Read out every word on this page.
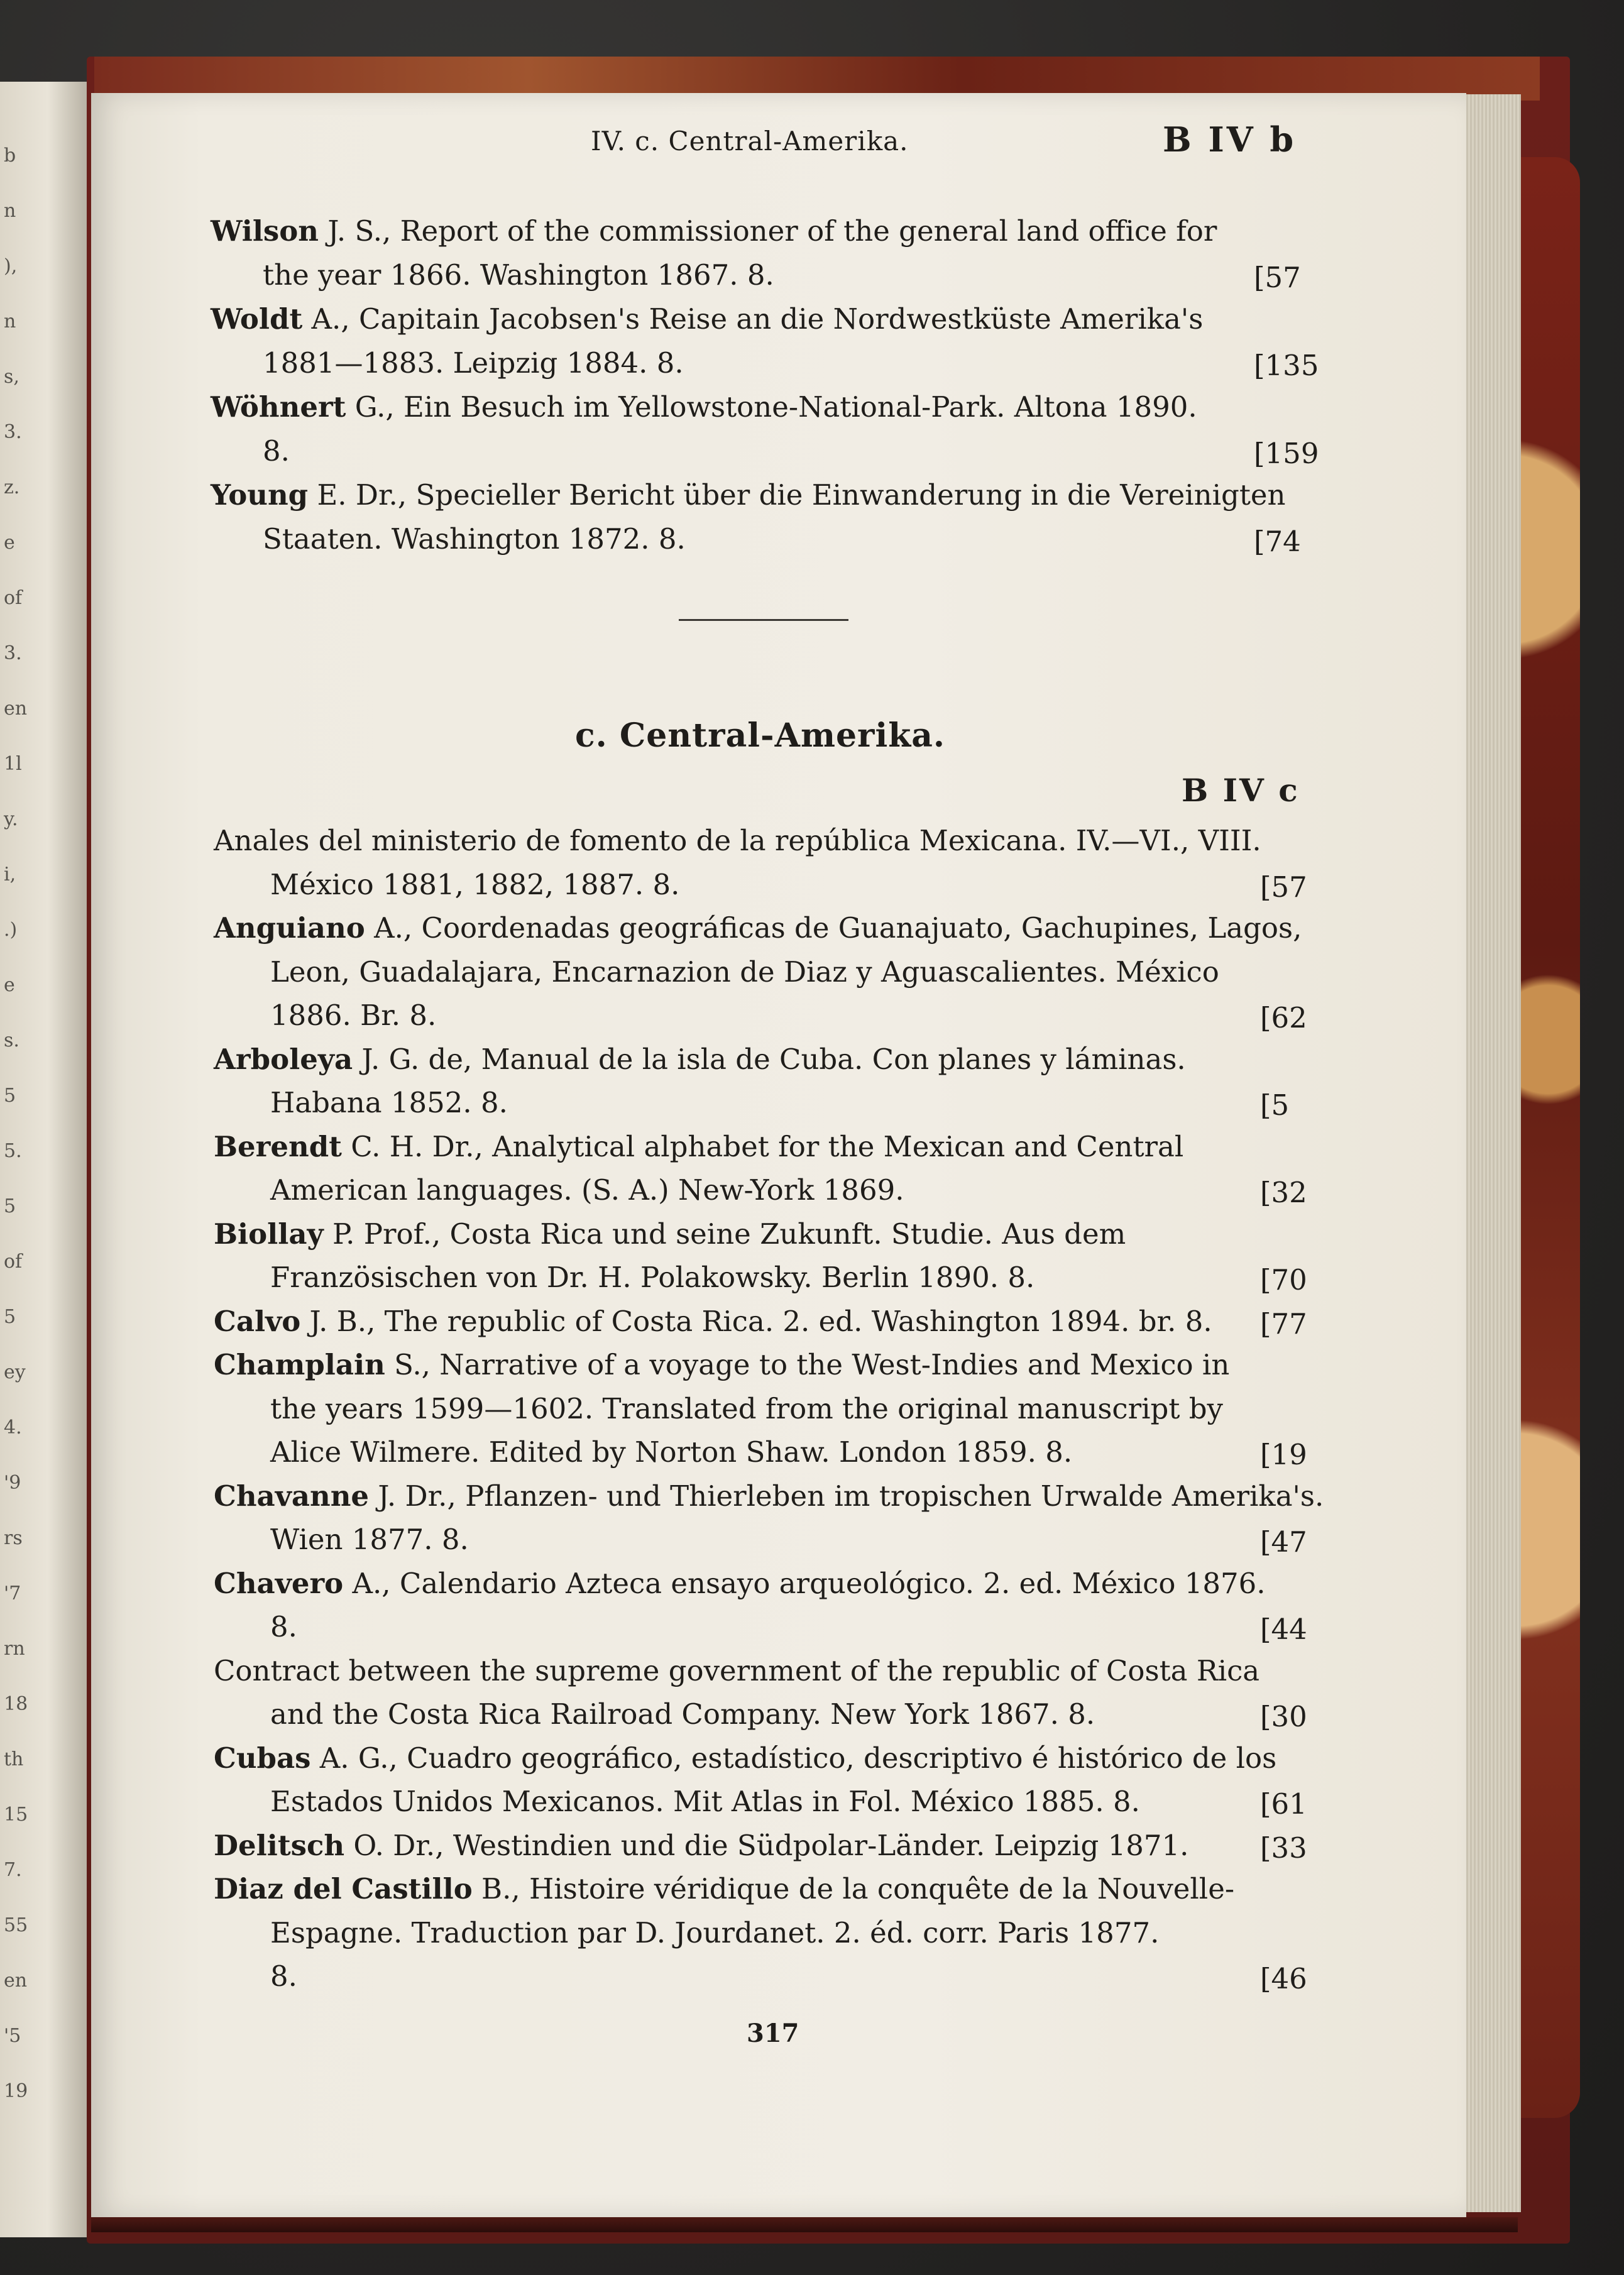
b
n
),
n
s,
3.
z.
e
of
3.
en
1l
y.
i,
.)
e
s.
5
5.
5
of
5
ey
4.
'9
rs
'7
rn
18
th
15
7.
55
en
'5
19
IV. c. Central-Amerika.	B IV b
Wilson J. S., Report of the commissioner of the general land office for
the year 1866. Washington 1867. 8.	[57
Woldt A., Capitain Jacobsen's Reise an die Nordwestküste Amerika's
1881—1883. Leipzig 1884. 8.	[135
Wöhnert G., Ein Besuch im Yellowstone-National-Park. Altona 1890.
8.	[159
Young E. Dr., Specieller Bericht über die Einwanderung in die Vereinigten
Staaten. Washington 1872. 8.	[74
c. Central-Amerika.
B IV c
Anales del ministerio de fomento de la república Mexicana. IV.—VI., VIII.
México 1881, 1882, 1887. 8.	[57
Anguiano A., Coordenadas geográficas de Guanajuato, Gachupines, Lagos,
Leon, Guadalajara, Encarnazion de Diaz y Aguascalientes. México
1886. Br. 8.	[62
Arboleya J. G. de, Manual de la isla de Cuba. Con planes y láminas.
Habana 1852. 8.	[5
Berendt C. H. Dr., Analytical alphabet for the Mexican and Central
American languages. (S. A.) New-York 1869.	[32
Biollay P. Prof., Costa Rica und seine Zukunft. Studie. Aus dem
Französischen von Dr. H. Polakowsky. Berlin 1890. 8.	[70
Calvo J. B., The republic of Costa Rica. 2. ed. Washington 1894. br. 8. [77
Champlain S., Narrative of a voyage to the West-Indies and Mexico in
the years 1599—1602. Translated from the original manuscript by
Alice Wilmere. Edited by Norton Shaw. London 1859. 8.	[19
Chavanne J. Dr., Pflanzen- und Thierleben im tropischen Urwalde Amerika's.
Wien 1877. 8.	[47
Chavero A., Calendario Azteca ensayo arqueológico. 2. ed. México 1876.
8.	[44
Contract between the supreme government of the republic of Costa Rica
and the Costa Rica Railroad Company. New York 1867. 8.	[30
Cubas A. G., Cuadro geográfico, estadístico, descriptivo é histórico de los
Estados Unidos Mexicanos. Mit Atlas in Fol. México 1885. 8.	[61
Delitsch O. Dr., Westindien und die Südpolar-Länder. Leipzig 1871.	[33
Diaz del Castillo B., Histoire véridique de la conquête de la Nouvelle-
Espagne. Traduction par D. Jourdanet. 2. éd. corr. Paris 1877.
8.	[46
317
